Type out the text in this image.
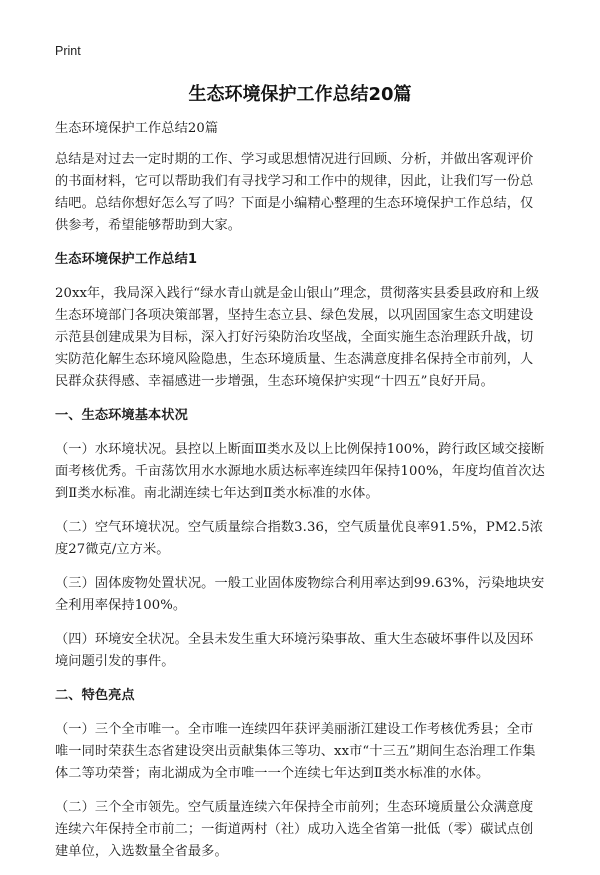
Print
生态环境保护工作总结20篇

生态环境保护工作总结20篇

总结是对过去一定时期的工作、学习或思想情况进行回顾、分析，并做出客观评价的书面材料，它可以帮助我们有寻找学习和工作中的规律，因此，让我们写一份总结吧。总结你想好怎么写了吗？下面是小编精心整理的生态环境保护工作总结，仅供参考，希望能够帮助到大家。

生态环境保护工作总结1

20xx年，我局深入践行“绿水青山就是金山银山”理念，贯彻落实县委县政府和上级生态环境部门各项决策部署，坚持生态立县、绿色发展，以巩固国家生态文明建设示范县创建成果为目标，深入打好污染防治攻坚战，全面实施生态治理跃升战，切实防范化解生态环境风险隐患，生态环境质量、生态满意度排名保持全市前列，人民群众获得感、幸福感进一步增强，生态环境保护实现“十四五”良好开局。

一、生态环境基本状况

（一）水环境状况。县控以上断面Ⅲ类水及以上比例保持100%，跨行政区域交接断面考核优秀。千亩荡饮用水水源地水质达标率连续四年保持100%，年度均值首次达到Ⅱ类水标准。南北湖连续七年达到Ⅱ类水标准的水体。

（二）空气环境状况。空气质量综合指数3.36，空气质量优良率91.5%，PM2.5浓度27微克/立方米。

（三）固体废物处置状况。一般工业固体废物综合利用率达到99.63%，污染地块安全利用率保持100%。

（四）环境安全状况。全县未发生重大环境污染事故、重大生态破坏事件以及因环境问题引发的事件。

二、特色亮点

（一）三个全市唯一。全市唯一连续四年获评美丽浙江建设工作考核优秀县；全市唯一同时荣获生态省建设突出贡献集体三等功、xx市“十三五”期间生态治理工作集体二等功荣誉；南北湖成为全市唯一一个连续七年达到Ⅱ类水标准的水体。

（二）三个全市领先。空气质量连续六年保持全市前列；生态环境质量公众满意度连续六年保持全市前二；一街道两村（社）成功入选全省第一批低（零）碳试点创建单位，入选数量全省最多。
